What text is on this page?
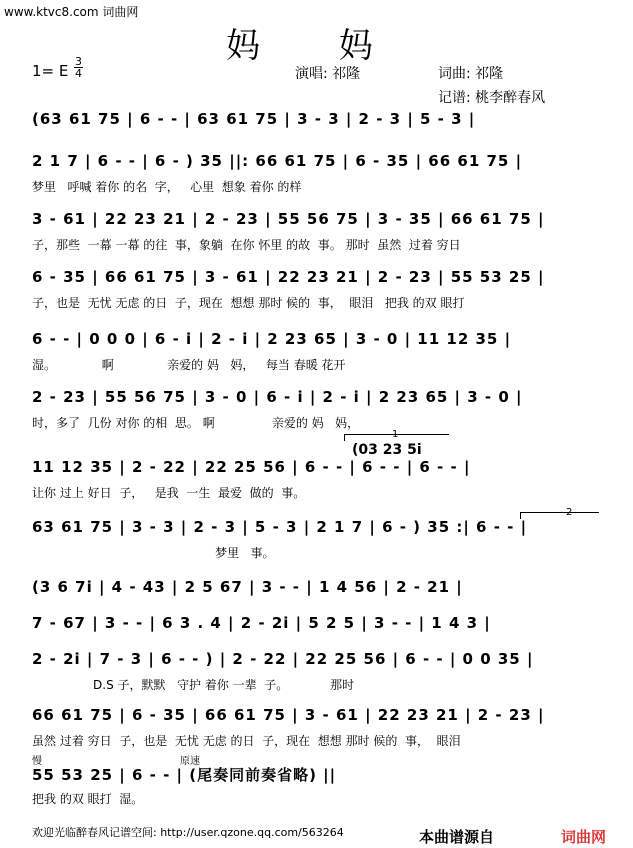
www.ktvc8.com 词曲网
妈 妈
1= E
3
4	演唱: 祁隆	词曲: 祁隆
记谱: 桃李醉春风
(63 61 75 | 6 - - | 63 61 75 | 3 - 3 | 2 - 3 | 5 - 3 |
2 1 7 | 6 - - | 6 - ) 35 ||: 66 61 75 | 6 - 35 | 66 61 75 |
梦里   呼喊 着你 的名  字，   心里  想象 着你 的样
3 - 61 | 22 23 21 | 2 - 23 | 55 56 75 | 3 - 35 | 66 61 75 |
子，那些  一幕 一幕 的往  事，象躺  在你 怀里 的故  事。 那时  虽然  过着 穷日
6 - 35 | 66 61 75 | 3 - 61 | 22 23 21 | 2 - 23 | 55 53 25 |
子，也是  无忧 无虑 的日  子，现在  想想 那时 候的  事，  眼泪   把我 的双 眼打
6 - - | 0 0 0 | 6 - i | 2 - i | 2 23 65 | 3 - 0 | 11 12 35 |
湿。            啊              亲爱的 妈   妈，   每当 春暖 花开
2 - 23 | 55 56 75 | 3 - 0 | 6 - i | 2 - i | 2 23 65 | 3 - 0 |
时，多了  几份 对你 的相  思。 啊               亲爱的 妈   妈，
11 12 35 | 2 - 22 | 22 25 56 | 6 - - | 6 - - | 6 - - |
让你 过上 好日  子，   是我  一生  最爱  做的  事。
63 61 75 | 3 - 3 | 2 - 3 | 5 - 3 | 2 1 7 | 6 - ) 35 :| 6 - - |
梦里   事。
(3 6 7i | 4 - 43 | 2 5 67 | 3 - - | 1 4 56 | 2 - 21 |
7 - 67 | 3 - - | 6 3 . 4 | 2 - 2i | 5 2 5 | 3 - - | 1 4 3 |
2 - 2i | 7 - 3 | 6 - - ) | 2 - 22 | 22 25 56 | 6 - - | 0 0 35 |
D.S 子，默默   守护 着你 一辈  子。           那时
66 61 75 | 6 - 35 | 66 61 75 | 3 - 61 | 22 23 21 | 2 - 23 |
虽然 过着 穷日  子，也是  无忧 无虑 的日  子，现在  想想 那时 候的  事，  眼泪
55 53 25 | 6 - - | (尾奏同前奏省略) ||
把我 的双 眼打  湿。
慢	原速
(03 23 5i
1
2
欢迎光临醉春风记谱空间: http://user.qzone.qq.com/563264	本曲谱源自	词曲网
